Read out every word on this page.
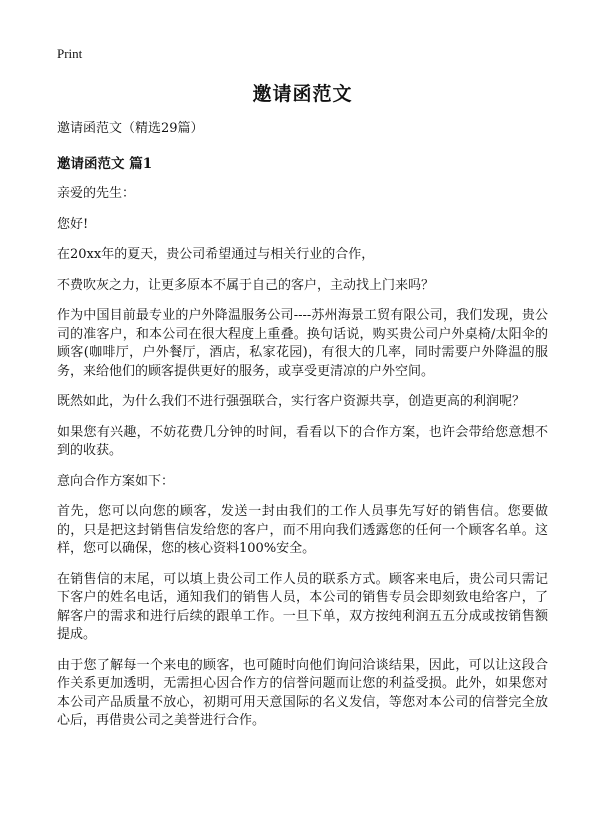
Print
邀请函范文
邀请函范文（精选29篇）
邀请函范文 篇1

亲爱的先生：

您好!

在20xx年的夏天，贵公司希望通过与相关行业的合作，

不费吹灰之力，让更多原本不属于自己的客户，主动找上门来吗？

作为中国目前最专业的户外降温服务公司----苏州海景工贸有限公司，我们发现，贵公司的准客户，和本公司在很大程度上重叠。换句话说，购买贵公司户外桌椅/太阳伞的顾客(咖啡厅，户外餐厅，酒店，私家花园)，有很大的几率，同时需要户外降温的服务，来给他们的顾客提供更好的服务，或享受更清凉的户外空间。

既然如此，为什么我们不进行强强联合，实行客户资源共享，创造更高的利润呢？

如果您有兴趣，不妨花费几分钟的时间，看看以下的合作方案，也许会带给您意想不到的收获。

意向合作方案如下：

首先，您可以向您的顾客，发送一封由我们的工作人员事先写好的销售信。您要做的，只是把这封销售信发给您的客户，而不用向我们透露您的任何一个顾客名单。这样，您可以确保，您的核心资料100%安全。

在销售信的末尾，可以填上贵公司工作人员的联系方式。顾客来电后，贵公司只需记下客户的姓名电话，通知我们的销售人员，本公司的销售专员会即刻致电给客户，了解客户的需求和进行后续的跟单工作。一旦下单，双方按纯利润五五分成或按销售额提成。

由于您了解每一个来电的顾客，也可随时向他们询问洽谈结果，因此，可以让这段合作关系更加透明，无需担心因合作方的信誉问题而让您的利益受损。此外，如果您对本公司产品质量不放心，初期可用天意国际的名义发信，等您对本公司的信誉完全放心后，再借贵公司之美誉进行合作。
